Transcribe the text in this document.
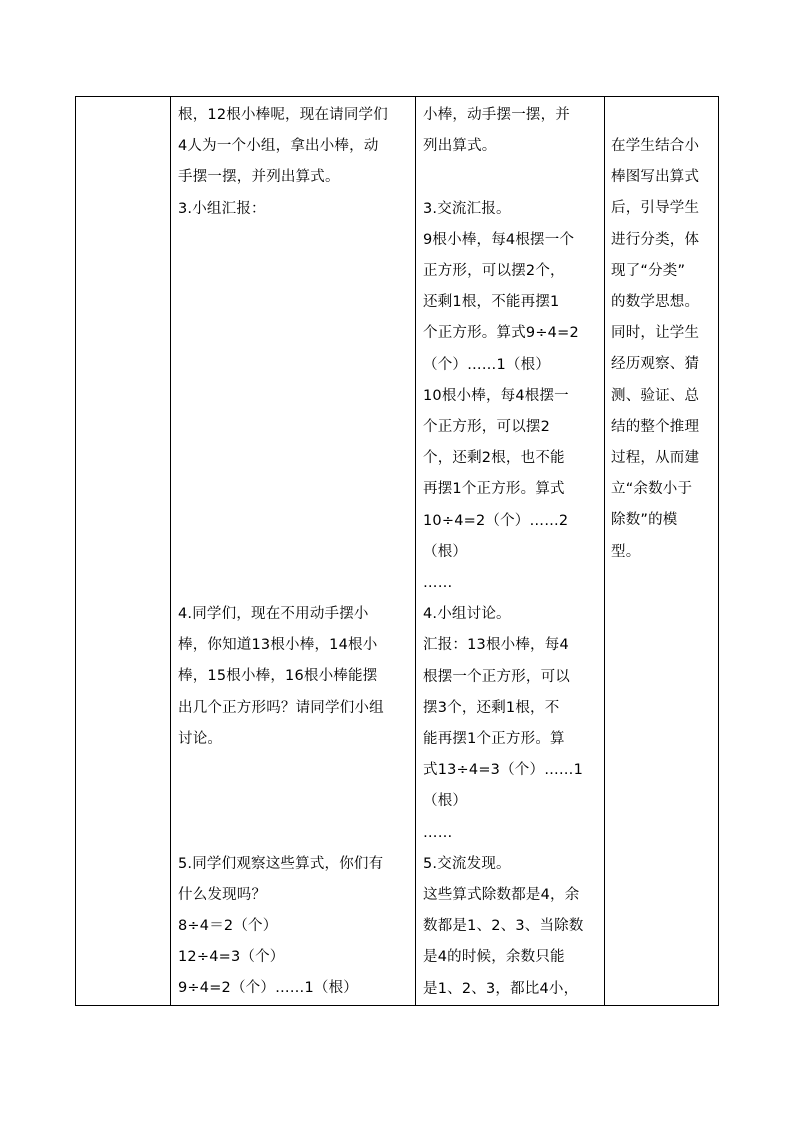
根，12根小棒呢，现在请同学们
4人为一个小组，拿出小棒，动
手摆一摆，并列出算式。
3.小组汇报：
4.同学们，现在不用动手摆小
棒，你知道13根小棒，14根小
棒，15根小棒，16根小棒能摆
出几个正方形吗？请同学们小组
讨论。
5.同学们观察这些算式，你们有
什么发现吗？
8÷4＝2（个）
12÷4=3（个）
9÷4=2（个）……1（根）

小棒，动手摆一摆，并
列出算式。
3.交流汇报。
9根小棒，每4根摆一个
正方形，可以摆2个，
还剩1根，不能再摆1
个正方形。算式9÷4=2
（个）……1（根）
10根小棒，每4根摆一
个正方形，可以摆2
个，还剩2根，也不能
再摆1个正方形。算式
10÷4=2（个）……2
（根）
……
4.小组讨论。
汇报：13根小棒，每4
根摆一个正方形，可以
摆3个，还剩1根，不
能再摆1个正方形。算
式13÷4=3（个）……1
（根）
……
5.交流发现。
这些算式除数都是4，余
数都是1、2、3、当除数
是4的时候，余数只能
是1、2、3，都比4小，

在学生结合小
棒图写出算式
后，引导学生
进行分类，体
现了“分类”
的数学思想。
同时，让学生
经历观察、猜
测、验证、总
结的整个推理
过程，从而建
立“余数小于
除数”的模
型。
